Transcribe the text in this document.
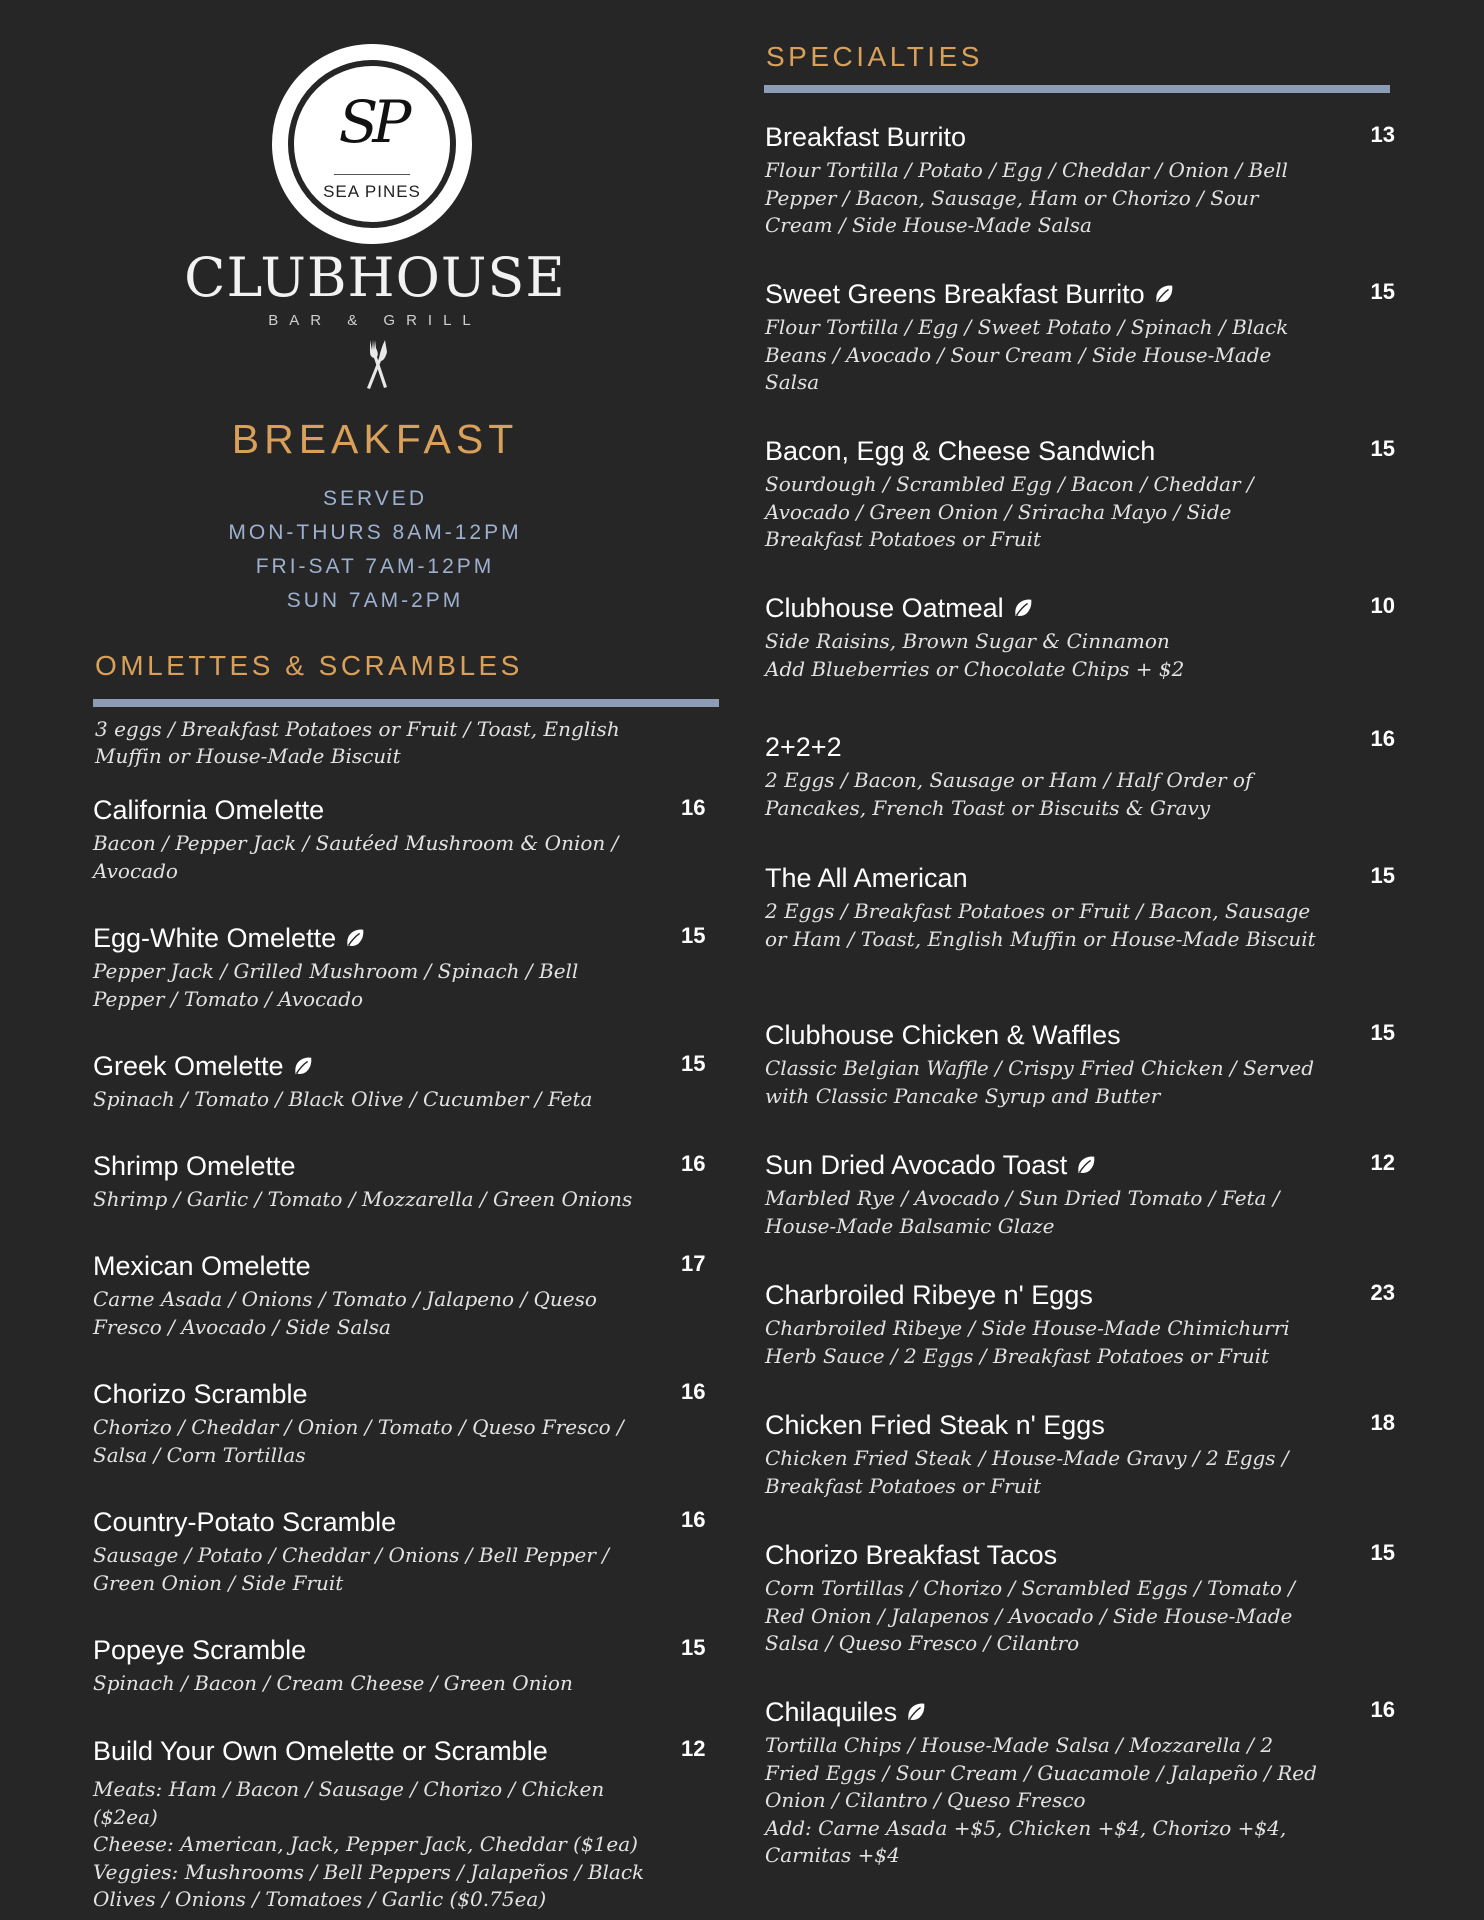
SP
SEA PINES
CLUBHOUSE
BAR & GRILL
BREAKFAST
SERVED
MON-THURS 8AM-12PM
FRI-SAT 7AM-12PM
SUN 7AM-2PM
OMLETTES & SCRAMBLES
3 eggs / Breakfast Potatoes or Fruit / Toast, English Muffin or House-Made Biscuit
California Omelette	16
Bacon / Pepper Jack / Sautéed Mushroom & Onion / Avocado
Egg-White Omelette	15
Pepper Jack / Grilled Mushroom / Spinach / Bell Pepper / Tomato / Avocado
Greek Omelette	15
Spinach / Tomato / Black Olive / Cucumber / Feta
Shrimp Omelette	16
Shrimp / Garlic / Tomato / Mozzarella / Green Onions
Mexican Omelette	17
Carne Asada / Onions / Tomato / Jalapeno / Queso Fresco / Avocado / Side Salsa
Chorizo Scramble	16
Chorizo / Cheddar / Onion / Tomato / Queso Fresco / Salsa / Corn Tortillas
Country-Potato Scramble	16
Sausage / Potato / Cheddar / Onions / Bell Pepper / Green Onion / Side Fruit
Popeye Scramble	15
Spinach / Bacon / Cream Cheese / Green Onion
Build Your Own Omelette or Scramble	12
Meats: Ham / Bacon / Sausage / Chorizo / Chicken ($2ea)
Cheese: American, Jack, Pepper Jack, Cheddar ($1ea)
Veggies: Mushrooms / Bell Peppers / Jalapeños / Black Olives / Onions / Tomatoes / Garlic ($0.75ea)
SPECIALTIES
Breakfast Burrito	13
Flour Tortilla / Potato / Egg / Cheddar / Onion / Bell Pepper / Bacon, Sausage, Ham or Chorizo / Sour Cream / Side House-Made Salsa
Sweet Greens Breakfast Burrito	15
Flour Tortilla / Egg / Sweet Potato / Spinach / Black Beans / Avocado / Sour Cream / Side House-Made Salsa
Bacon, Egg & Cheese Sandwich	15
Sourdough / Scrambled Egg / Bacon / Cheddar / Avocado / Green Onion / Sriracha Mayo / Side Breakfast Potatoes or Fruit
Clubhouse Oatmeal	10
Side Raisins, Brown Sugar & Cinnamon
Add Blueberries or Chocolate Chips + $2
2+2+2	16
2 Eggs / Bacon, Sausage or Ham / Half Order of Pancakes, French Toast or Biscuits & Gravy
The All American	15
2 Eggs / Breakfast Potatoes or Fruit / Bacon, Sausage or Ham / Toast, English Muffin or House-Made Biscuit
Clubhouse Chicken & Waffles	15
Classic Belgian Waffle / Crispy Fried Chicken / Served with Classic Pancake Syrup and Butter
Sun Dried Avocado Toast	12
Marbled Rye / Avocado / Sun Dried Tomato / Feta / House-Made Balsamic Glaze
Charbroiled Ribeye n' Eggs	23
Charbroiled Ribeye / Side House-Made Chimichurri Herb Sauce / 2 Eggs / Breakfast Potatoes or Fruit
Chicken Fried Steak n' Eggs	18
Chicken Fried Steak / House-Made Gravy / 2 Eggs / Breakfast Potatoes or Fruit
Chorizo Breakfast Tacos	15
Corn Tortillas / Chorizo / Scrambled Eggs / Tomato / Red Onion / Jalapenos / Avocado / Side House-Made Salsa / Queso Fresco / Cilantro
Chilaquiles	16
Tortilla Chips / House-Made Salsa / Mozzarella / 2 Fried Eggs / Sour Cream / Guacamole / Jalapeño / Red Onion / Cilantro / Queso Fresco
Add: Carne Asada +$5, Chicken +$4, Chorizo +$4, Carnitas +$4
